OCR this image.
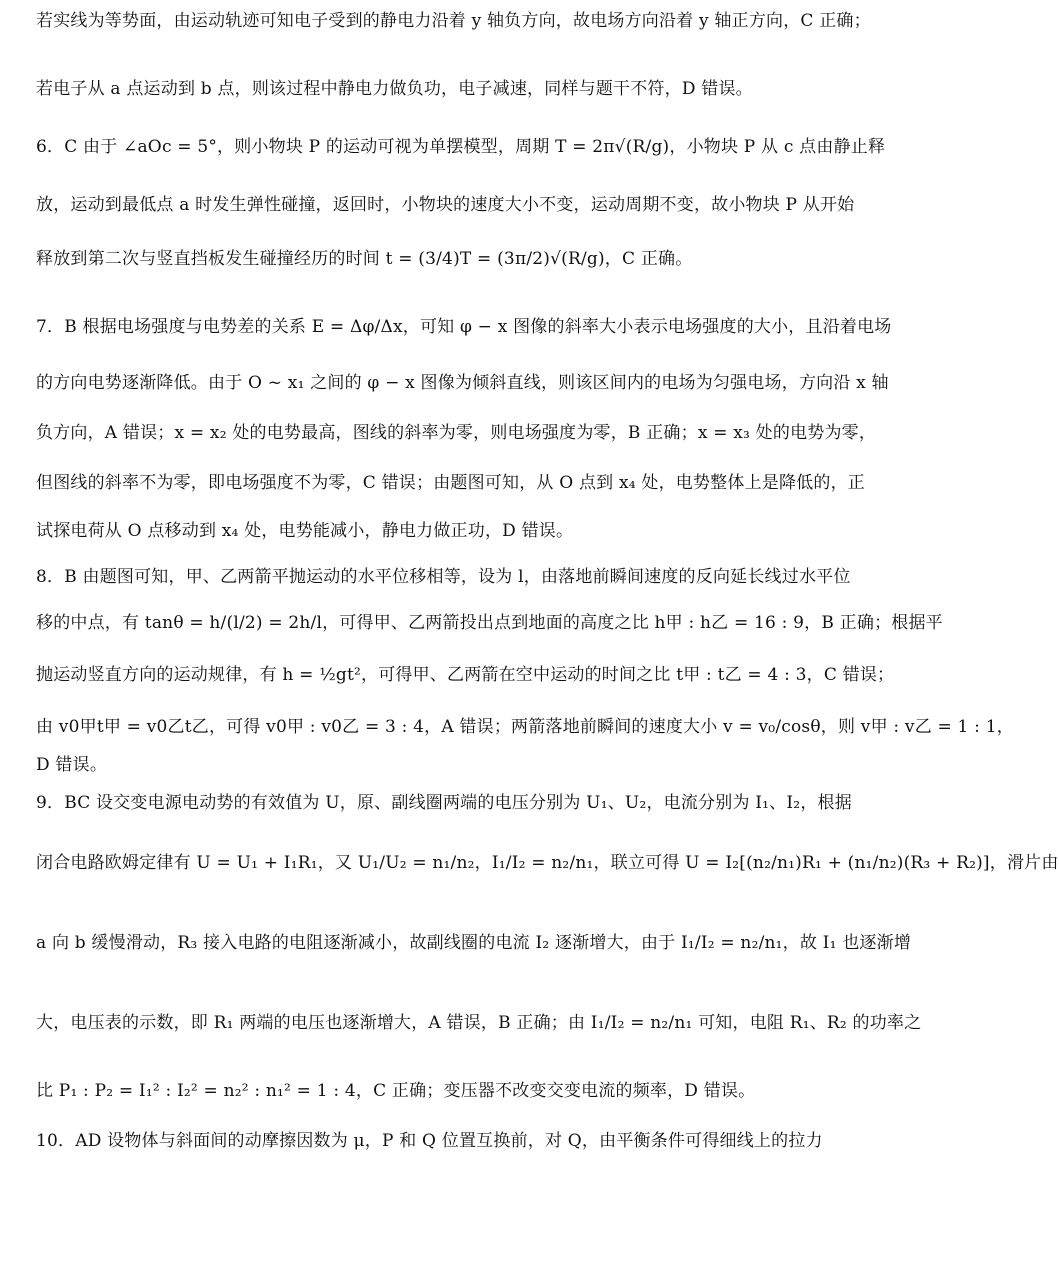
若实线为等势面，由运动轨迹可知电子受到的静电力沿着 y 轴负方向，故电场方向沿着 y 轴正方向，C 正确；
若电子从 a 点运动到 b 点，则该过程中静电力做负功，电子减速，同样与题干不符，D 错误。
6．C 由于 ∠aOc = 5°，则小物块 P 的运动可视为单摆模型，周期 T = 2π√(R/g)，小物块 P 从 c 点由静止释
放，运动到最低点 a 时发生弹性碰撞，返回时，小物块的速度大小不变，运动周期不变，故小物块 P 从开始
释放到第二次与竖直挡板发生碰撞经历的时间 t = (3/4)T = (3π/2)√(R/g)，C 正确。
7．B 根据电场强度与电势差的关系 E = Δφ/Δx，可知 φ − x 图像的斜率大小表示电场强度的大小，且沿着电场
的方向电势逐渐降低。由于 O ~ x₁ 之间的 φ − x 图像为倾斜直线，则该区间内的电场为匀强电场，方向沿 x 轴
负方向，A 错误；x = x₂ 处的电势最高，图线的斜率为零，则电场强度为零，B 正确；x = x₃ 处的电势为零，
但图线的斜率不为零，即电场强度不为零，C 错误；由题图可知，从 O 点到 x₄ 处，电势整体上是降低的，正
试探电荷从 O 点移动到 x₄ 处，电势能减小，静电力做正功，D 错误。
8．B 由题图可知，甲、乙两箭平抛运动的水平位移相等，设为 l，由落地前瞬间速度的反向延长线过水平位
移的中点，有 tanθ = h/(l/2) = 2h/l，可得甲、乙两箭投出点到地面的高度之比 h甲 : h乙 = 16 : 9，B 正确；根据平
抛运动竖直方向的运动规律，有 h = ½gt²，可得甲、乙两箭在空中运动的时间之比 t甲 : t乙 = 4 : 3，C 错误；
由 v0甲t甲 = v0乙t乙，可得 v0甲 : v0乙 = 3 : 4，A 错误；两箭落地前瞬间的速度大小 v = v₀/cosθ，则 v甲 : v乙 = 1 : 1，
D 错误。
9．BC 设交变电源电动势的有效值为 U，原、副线圈两端的电压分别为 U₁、U₂，电流分别为 I₁、I₂，根据
闭合电路欧姆定律有 U = U₁ + I₁R₁，又 U₁/U₂ = n₁/n₂，I₁/I₂ = n₂/n₁，联立可得 U = I₂[(n₂/n₁)R₁ + (n₁/n₂)(R₃ + R₂)]，滑片由
a 向 b 缓慢滑动，R₃ 接入电路的电阻逐渐减小，故副线圈的电流 I₂ 逐渐增大，由于 I₁/I₂ = n₂/n₁，故 I₁ 也逐渐增
大，电压表的示数，即 R₁ 两端的电压也逐渐增大，A 错误，B 正确；由 I₁/I₂ = n₂/n₁ 可知，电阻 R₁、R₂ 的功率之
比 P₁ : P₂ = I₁² : I₂² = n₂² : n₁² = 1 : 4，C 正确；变压器不改变交变电流的频率，D 错误。
10．AD 设物体与斜面间的动摩擦因数为 μ，P 和 Q 位置互换前，对 Q，由平衡条件可得细线上的拉力
